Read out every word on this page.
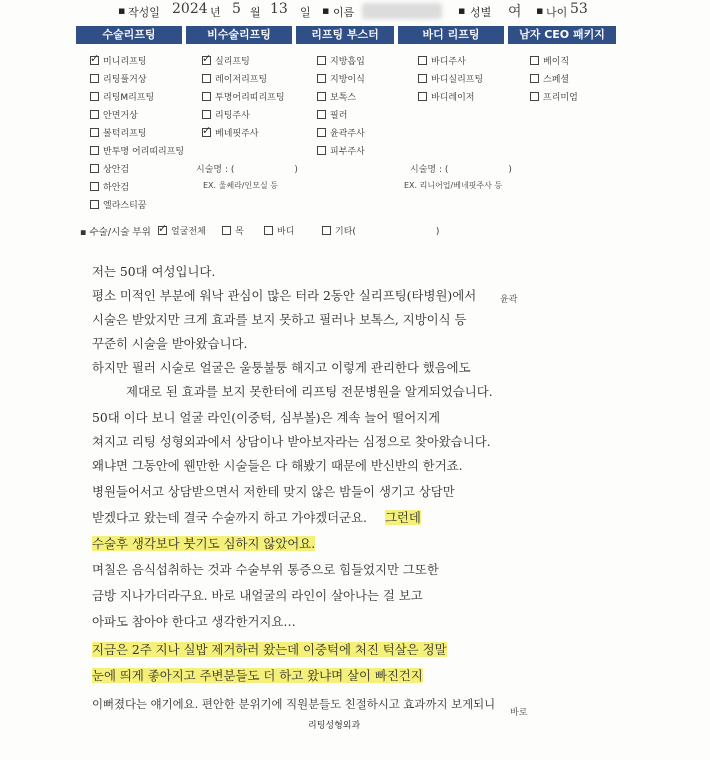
▪ 작성일 2024 년 5 월 13 일 ▪ 이름	▪ 성별 여 ▪ 나이 53
수술리프팅	비수술리프팅	리프팅 부스터	바디 리프팅	남자 CEO 패키지
✓미니리프팅
리팅풀거상
리팅M리프팅
안면거상
볼턱리프팅
반투명 어리띠리프팅
상안검
하안검
엘라스티꿈
✓실리프팅
레이저리프팅
투명어리띠리프팅
리팅주사
✓베네핏주사
시술명 : (	)
EX. 울쎄라/인모실 등
지방흡입
지방이식
보톡스
필러
윤곽주사
피부주사
바디주사
바디실리프팅
바디레이저
시술명 : (	)
EX. 리니어업/베네핏주사 등
베이직
스페셜
프리미엄
▪ 수술/시술 부위
✓	얼굴전체	목	바디	기타(	)
저는 50대 여성입니다.
평소 미적인 부분에 워낙 관심이 많은 터라 2동안 실리프팅(타병원)에서
시술은 받았지만 크게 효과를 보지 못하고 필러나 보톡스, 지방이식 등
꾸준히 시술을 받아왔습니다.
하지만 필러 시술로 얼굴은 울퉁불퉁 해지고 이렇게 관리한다 했음에도
제대로 된 효과를 보지 못한터에 리프팅 전문병원을 알게되었습니다.
50대 이다 보니 얼굴 라인(이중턱, 심부볼)은 계속 늘어 떨어지게
쳐지고 리팅 성형외과에서 상담이나 받아보자라는 심정으로 찾아왔습니다.
왜냐면 그동안에 웬만한 시술들은 다 해봤기 때문에 반신반의 한거죠.
병원들어서고 상담받으면서 저한테 맞지 않은 밤들이 생기고 상담만
받겠다고 왔는데 결국 수술까지 하고 가야겠더군요. 그런데
수술후 생각보다 붓기도 심하지 않았어요.
며칠은 음식섭취하는 것과 수술부위 통증으로 힘들었지만 그또한
금방 지나가더라구요. 바로 내얼굴의 라인이 살아나는 걸 보고
아파도 참아야 한다고 생각한거지요…
지금은 2주 지나 실밥 제거하러 왔는데 이중턱에 처진 턱살은 정말
눈에 띄게 좋아지고 주변분들도 더 하고 왔냐며 살이 빠진건지
이뻐졌다는 얘기에요. 편안한 분위기에 직원분들도 친절하시고 효과까지 보게되니
윤곽
바로
리팅성형외과
